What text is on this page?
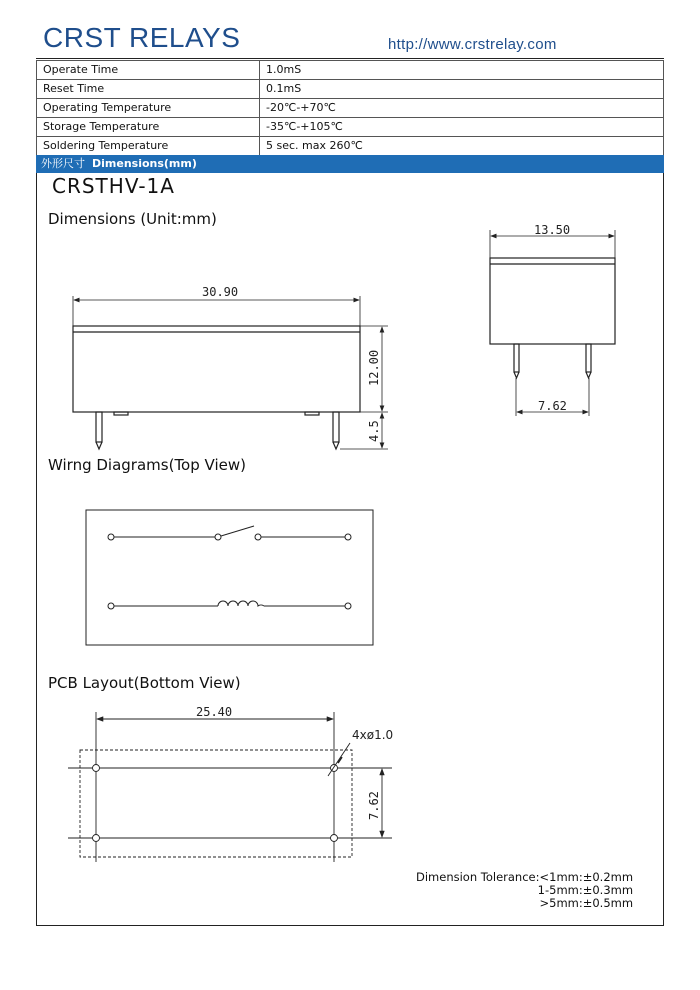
CRST RELAYS	http://www.crstrelay.com
Operate Time	1.0mS
Reset Time	0.1mS
Operating Temperature	-20℃-+70℃
Storage Temperature	-35℃-+105℃
Soldering Temperature	5 sec. max 260℃
外形尺寸 Dimensions(mm)
CRSTHV-1A
Dimensions (Unit:mm)
Wirng Diagrams(Top View)
PCB Layout(Bottom View)
30.90
12.00
4.5
13.50
7.62
25.40
4xø1.0
7.62
Dimension Tolerance:<1mm:±0.2mm
1-5mm:±0.3mm
>5mm:±0.5mm
